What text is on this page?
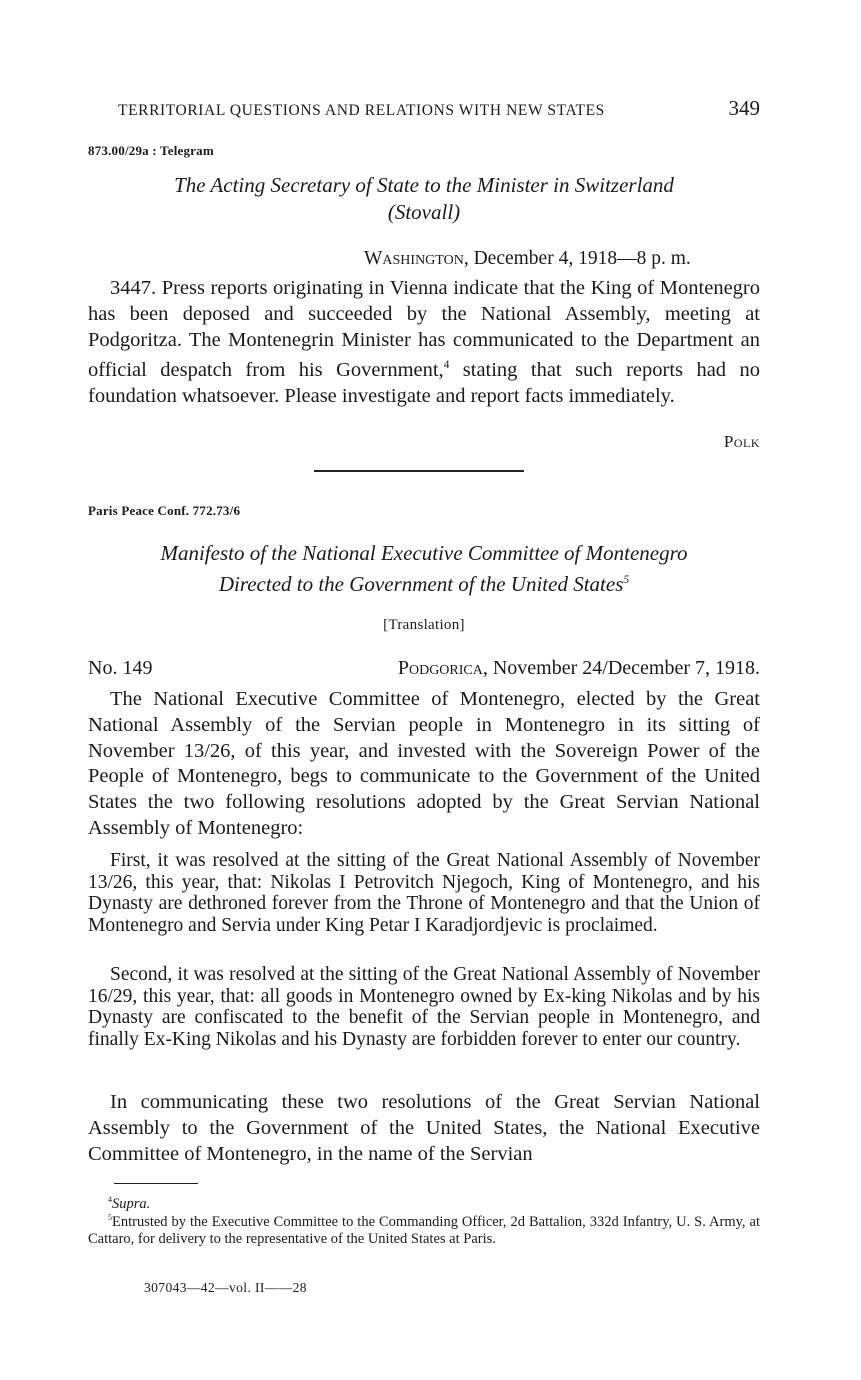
TERRITORIAL QUESTIONS AND RELATIONS WITH NEW STATES	349
873.00/29a : Telegram
The Acting Secretary of State to the Minister in Switzerland
(Stovall)
Washington, December 4, 1918—8 p. m.
3447. Press reports originating in Vienna indicate that the King of Montenegro has been deposed and succeeded by the National Assembly, meeting at Podgoritza. The Montenegrin Minister has communicated to the Department an official despatch from his Government,$^4$ stating that such reports had no foundation whatsoever. Please investigate and report facts immediately.
Polk
Paris Peace Conf. 772.73/6
Manifesto of the National Executive Committee of Montenegro
Directed to the Government of the United States$^5$
[Translation]
No. 149	Podgorica, November 24/December 7, 1918.
The National Executive Committee of Montenegro, elected by the Great National Assembly of the Servian people in Montenegro in its sitting of November 13/26, of this year, and invested with the Sovereign Power of the People of Montenegro, begs to communicate to the Government of the United States the two following resolutions adopted by the Great Servian National Assembly of Montenegro:
First, it was resolved at the sitting of the Great National Assembly of November 13/26, this year, that: Nikolas I Petrovitch Njegoch, King of Montenegro, and his Dynasty are dethroned forever from the Throne of Montenegro and that the Union of Montenegro and Servia under King Petar I Karadjordjevic is proclaimed.
Second, it was resolved at the sitting of the Great National Assembly of November 16/29, this year, that: all goods in Montenegro owned by Ex-king Nikolas and by his Dynasty are confiscated to the benefit of the Servian people in Montenegro, and finally Ex-King Nikolas and his Dynasty are forbidden forever to enter our country.
In communicating these two resolutions of the Great Servian National Assembly to the Government of the United States, the National Executive Committee of Montenegro, in the name of the Servian
$^4$Supra.
$^5$Entrusted by the Executive Committee to the Commanding Officer, 2d Battalion, 332d Infantry, U. S. Army, at Cattaro, for delivery to the representative of the United States at Paris.
307043—42—vol. II——28
